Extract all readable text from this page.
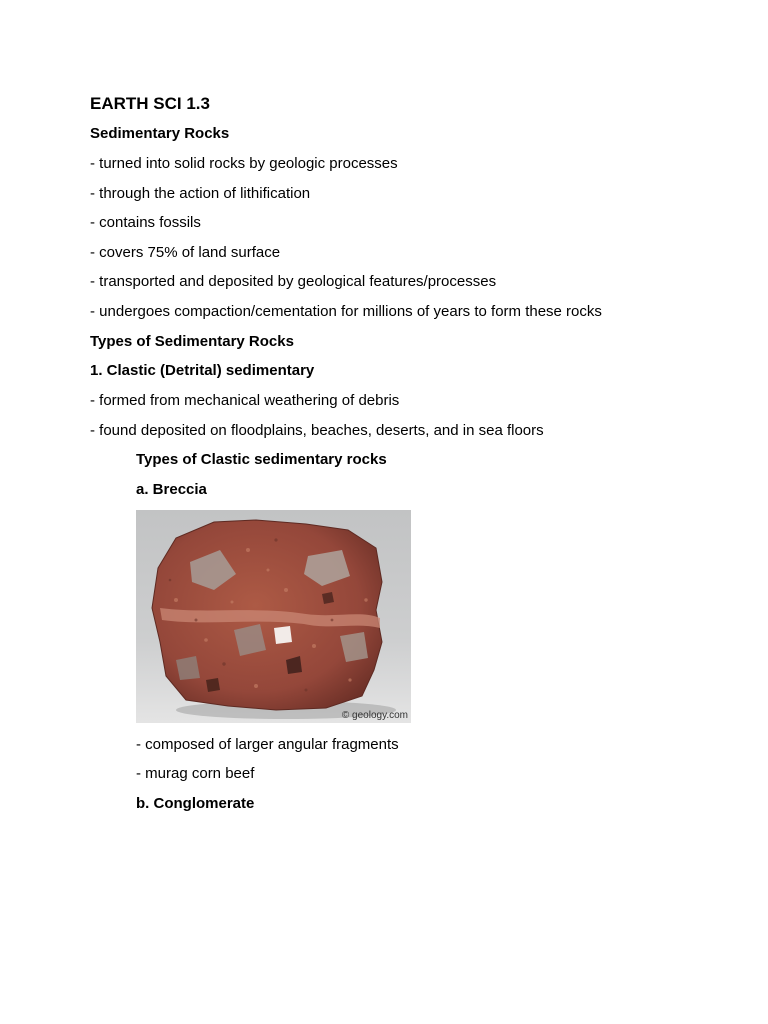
EARTH SCI 1.3
Sedimentary Rocks
- turned into solid rocks by geologic processes
- through the action of lithification
- contains fossils
- covers 75% of land surface
- transported and deposited by geological features/processes
- undergoes compaction/cementation for millions of years to form these rocks
Types of Sedimentary Rocks
1. Clastic (Detrital) sedimentary
- formed from mechanical weathering of debris
- found deposited on floodplains, beaches, deserts, and in sea floors
Types of Clastic sedimentary rocks
a. Breccia
© geology.com
- composed of larger angular fragments
- murag corn beef
b. Conglomerate
